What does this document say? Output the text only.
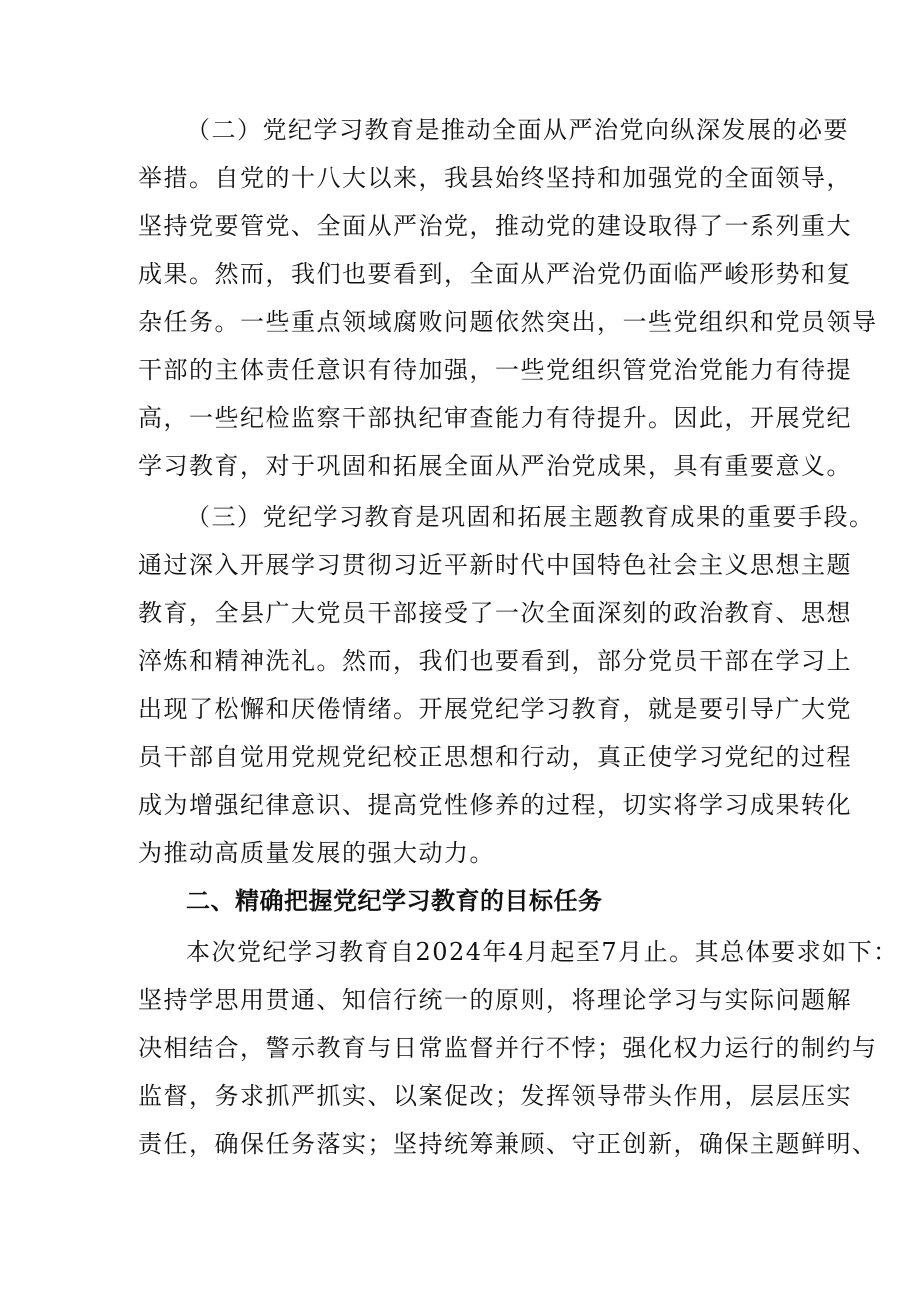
（二）党纪学习教育是推动全面从严治党向纵深发展的必要
举措。自党的十八大以来，我县始终坚持和加强党的全面领导，
坚持党要管党、全面从严治党，推动党的建设取得了一系列重大
成果。然而，我们也要看到，全面从严治党仍面临严峻形势和复
杂任务。一些重点领域腐败问题依然突出，一些党组织和党员领导
干部的主体责任意识有待加强，一些党组织管党治党能力有待提
高，一些纪检监察干部执纪审查能力有待提升。因此，开展党纪
学习教育，对于巩固和拓展全面从严治党成果，具有重要意义。
（三）党纪学习教育是巩固和拓展主题教育成果的重要手段。
通过深入开展学习贯彻习近平新时代中国特色社会主义思想主题
教育，全县广大党员干部接受了一次全面深刻的政治教育、思想
淬炼和精神洗礼。然而，我们也要看到，部分党员干部在学习上
出现了松懈和厌倦情绪。开展党纪学习教育，就是要引导广大党
员干部自觉用党规党纪校正思想和行动，真正使学习党纪的过程
成为增强纪律意识、提高党性修养的过程，切实将学习成果转化
为推动高质量发展的强大动力。
二、精确把握党纪学习教育的目标任务
本次党纪学习教育自2024年4月起至7月止。其总体要求如下：
坚持学思用贯通、知信行统一的原则，将理论学习与实际问题解
决相结合，警示教育与日常监督并行不悖；强化权力运行的制约与
监督，务求抓严抓实、以案促改；发挥领导带头作用，层层压实
责任，确保任务落实；坚持统筹兼顾、守正创新，确保主题鲜明、
